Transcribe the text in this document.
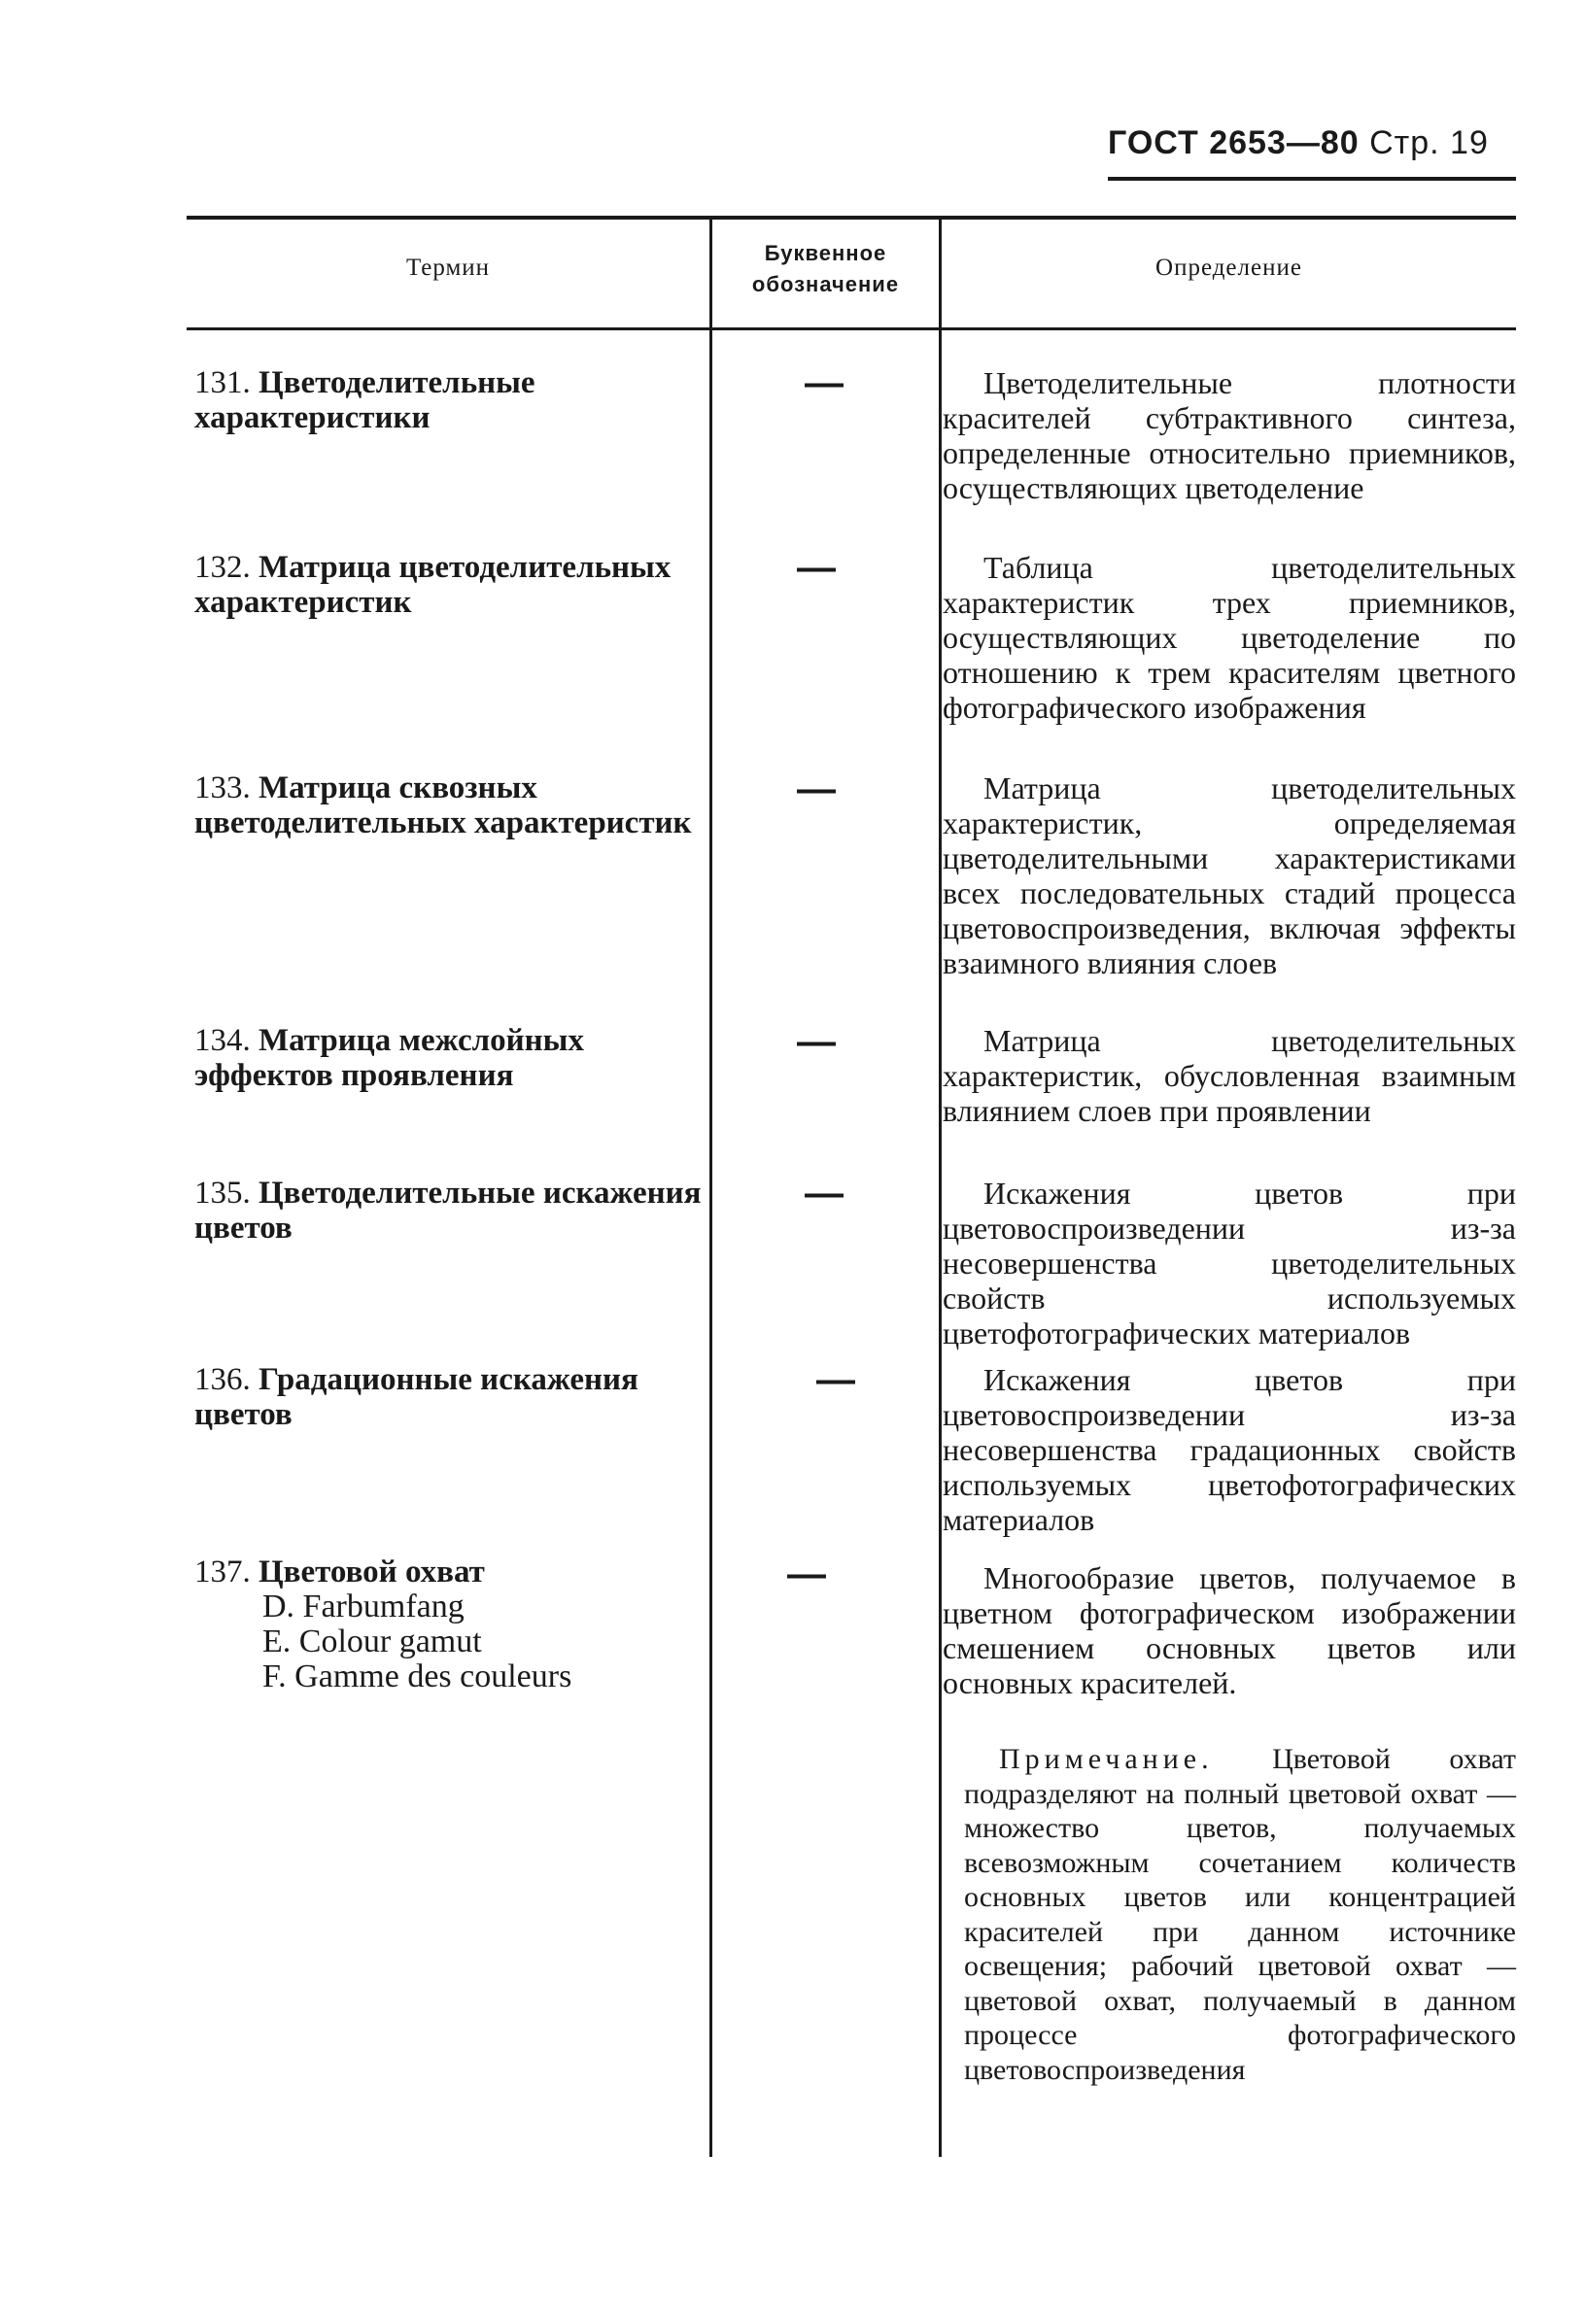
ГОСТ 2653—80 Стр. 19
Термин
Буквенное обозначение
Определение
131. Цветоделительные характеристики
—	Цветоделительные плотности красителей субтрактивного синтеза, определенные относительно приемников, осуществляющих цветоделение
132. Матрица цветоделительных характеристик
—	Таблица цветоделительных характеристик трех приемников, осуществляющих цветоделение по отношению к трем красителям цветного фотографического изображения
133. Матрица сквозных цветоделительных характеристик
—	Матрица цветоделительных характеристик, определяемая цветоделительными характеристиками всех последовательных стадий процесса цветовоспроизведения, включая эффекты взаимного влияния слоев
134. Матрица межслойных эффектов проявления
—	Матрица цветоделительных характеристик, обусловленная взаимным влиянием слоев при проявлении
135. Цветоделительные искажения цветов
—	Искажения цветов при цветовоспроизведении из-за несовершенства цветоделительных свойств используемых цветофотографических материалов
136. Градационные искажения цветов
—	Искажения цветов при цветовоспроизведении из-за несовершенства градационных свойств используемых цветофотографических материалов
137. Цветовой охват
D. Farbumfang
E. Colour gamut
F. Gamme des couleurs
—	Многообразие цветов, получаемое в цветном фотографическом изображении смешением основных цветов или основных красителей.
Примечание. Цветовой охват подразделяют на полный цветовой охват — множество цветов, получаемых всевозможным сочетанием количеств основных цветов или концентрацией красителей при данном источнике освещения; рабочий цветовой охват — цветовой охват, получаемый в данном процессе фотографического цветовоспроизведения
